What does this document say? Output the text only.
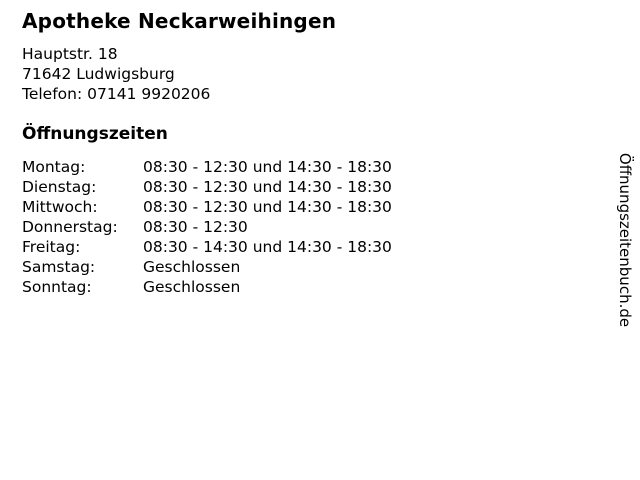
Apotheke Neckarweihingen
Hauptstr. 18
71642 Ludwigsburg
Telefon: 07141 9920206
Öffnungszeiten
Montag:	08:30 - 12:30 und 14:30 - 18:30
Dienstag:	08:30 - 12:30 und 14:30 - 18:30
Mittwoch:	08:30 - 12:30 und 14:30 - 18:30
Donnerstag:	08:30 - 12:30
Freitag:	08:30 - 14:30 und 14:30 - 18:30
Samstag:	Geschlossen
Sonntag:	Geschlossen	Öffnungszeitenbuch.de
